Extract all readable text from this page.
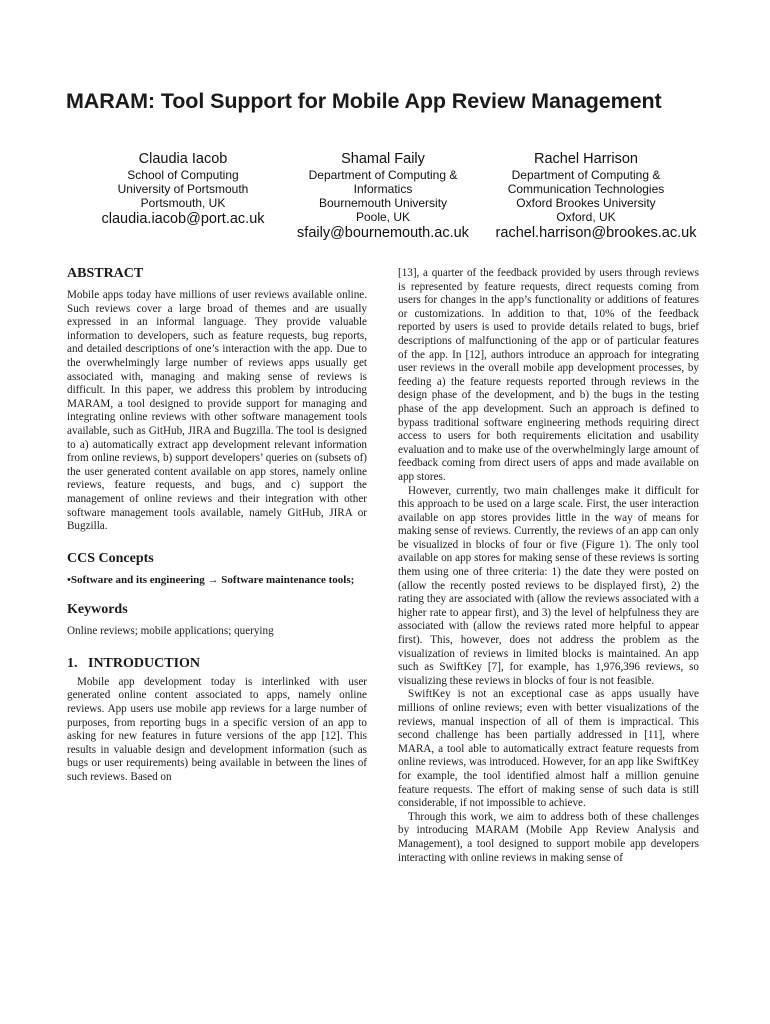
MARAM: Tool Support for Mobile App Review Management
Claudia Iacob
School of Computing
University of Portsmouth
Portsmouth, UK
claudia.iacob@port.ac.uk
Shamal Faily
Department of Computing &
Informatics
Bournemouth University
Poole, UK
sfaily@bournemouth.ac.uk
Rachel Harrison
Department of Computing &
Communication Technologies
Oxford Brookes University
Oxford, UK
rachel.harrison@brookes.ac.uk
ABSTRACT

Mobile apps today have millions of user reviews available online. Such reviews cover a large broad of themes and are usually expressed in an informal language. They provide valuable information to developers, such as feature requests, bug reports, and detailed descriptions of one’s interaction with the app. Due to the overwhelmingly large number of reviews apps usually get associated with, managing and making sense of reviews is difficult. In this paper, we address this problem by introducing MARAM, a tool designed to provide support for managing and integrating online reviews with other software management tools available, such as GitHub, JIRA and Bugzilla. The tool is designed to a) automatically extract app development relevant information from online reviews, b) support developers’ queries on (subsets of) the user generated content available on app stores, namely online reviews, feature requests, and bugs, and c) support the management of online reviews and their integration with other software management tools available, namely GitHub, JIRA or Bugzilla.

CCS Concepts

•Software and its engineering → Software maintenance tools;

Keywords

Online reviews; mobile applications; querying

1.   INTRODUCTION

Mobile app development today is interlinked with user generated online content associated to apps, namely online reviews. App users use mobile app reviews for a large number of purposes, from reporting bugs in a specific version of an app to asking for new features in future versions of the app [12]. This results in valuable design and development information (such as bugs or user requirements) being available in between the lines of such reviews. Based on

[13], a quarter of the feedback provided by users through reviews is represented by feature requests, direct requests coming from users for changes in the app’s functionality or additions of features or customizations. In addition to that, 10% of the feedback reported by users is used to provide details related to bugs, brief descriptions of malfunctioning of the app or of particular features of the app. In [12], authors introduce an approach for integrating user reviews in the overall mobile app development processes, by feeding a) the feature requests reported through reviews in the design phase of the development, and b) the bugs in the testing phase of the app development. Such an approach is defined to bypass traditional software engineering methods requiring direct access to users for both requirements elicitation and usability evaluation and to make use of the overwhelmingly large amount of feedback coming from direct users of apps and made available on app stores.

However, currently, two main challenges make it difficult for this approach to be used on a large scale. First, the user interaction available on app stores provides little in the way of means for making sense of reviews. Currently, the reviews of an app can only be visualized in blocks of four or five (Figure 1). The only tool available on app stores for making sense of these reviews is sorting them using one of three criteria: 1) the date they were posted on (allow the recently posted reviews to be displayed first), 2) the rating they are associated with (allow the reviews associated with a higher rate to appear first), and 3) the level of helpfulness they are associated with (allow the reviews rated more helpful to appear first). This, however, does not address the problem as the visualization of reviews in limited blocks is maintained. An app such as SwiftKey [7], for example, has 1,976,396 reviews, so visualizing these reviews in blocks of four is not feasible.

SwiftKey is not an exceptional case as apps usually have millions of online reviews; even with better visualizations of the reviews, manual inspection of all of them is impractical. This second challenge has been partially addressed in [11], where MARA, a tool able to automatically extract feature requests from online reviews, was introduced. However, for an app like SwiftKey for example, the tool identified almost half a million genuine feature requests. The effort of making sense of such data is still considerable, if not impossible to achieve.

Through this work, we aim to address both of these challenges by introducing MARAM (Mobile App Review Analysis and Management), a tool designed to support mobile app developers interacting with online reviews in making sense of
